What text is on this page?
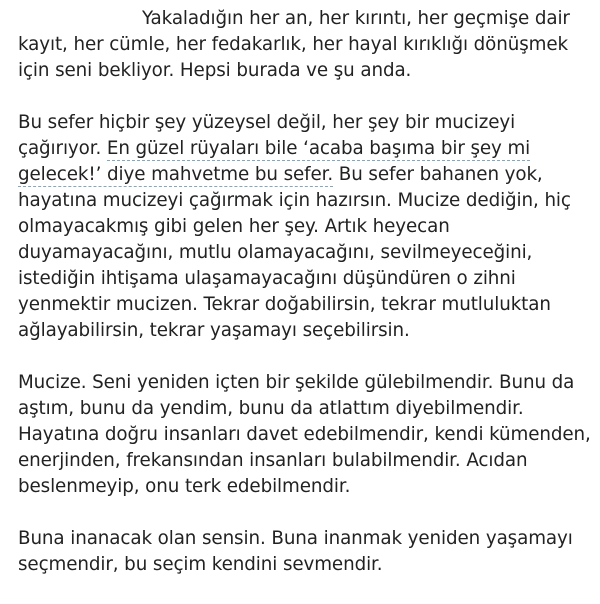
Yakaladığın her an, her kırıntı, her geçmişe dair
kayıt, her cümle, her fedakarlık, her hayal kırıklığı dönüşmek
için seni bekliyor. Hepsi burada ve şu anda.

Bu sefer hiçbir şey yüzeysel değil, her şey bir mucizeyi
çağırıyor. En güzel rüyaları bile ‘acaba başıma bir şey mi
gelecek!’ diye mahvetme bu sefer. Bu sefer bahanen yok,
hayatına mucizeyi çağırmak için hazırsın. Mucize dediğin, hiç
olmayacakmış gibi gelen her şey. Artık heyecan
duyamayacağını, mutlu olamayacağını, sevilmeyeceğini,
istediğin ihtişama ulaşamayacağını düşündüren o zihni
yenmektir mucizen. Tekrar doğabilirsin, tekrar mutluluktan
ağlayabilirsin, tekrar yaşamayı seçebilirsin.

Mucize. Seni yeniden içten bir şekilde gülebilmendir. Bunu da
aştım, bunu da yendim, bunu da atlattım diyebilmendir.
Hayatına doğru insanları davet edebilmendir, kendi kümenden,
enerjinden, frekansından insanları bulabilmendir. Acıdan
beslenmeyip, onu terk edebilmendir.

Buna inanacak olan sensin. Buna inanmak yeniden yaşamayı
seçmendir, bu seçim kendini sevmendir.
